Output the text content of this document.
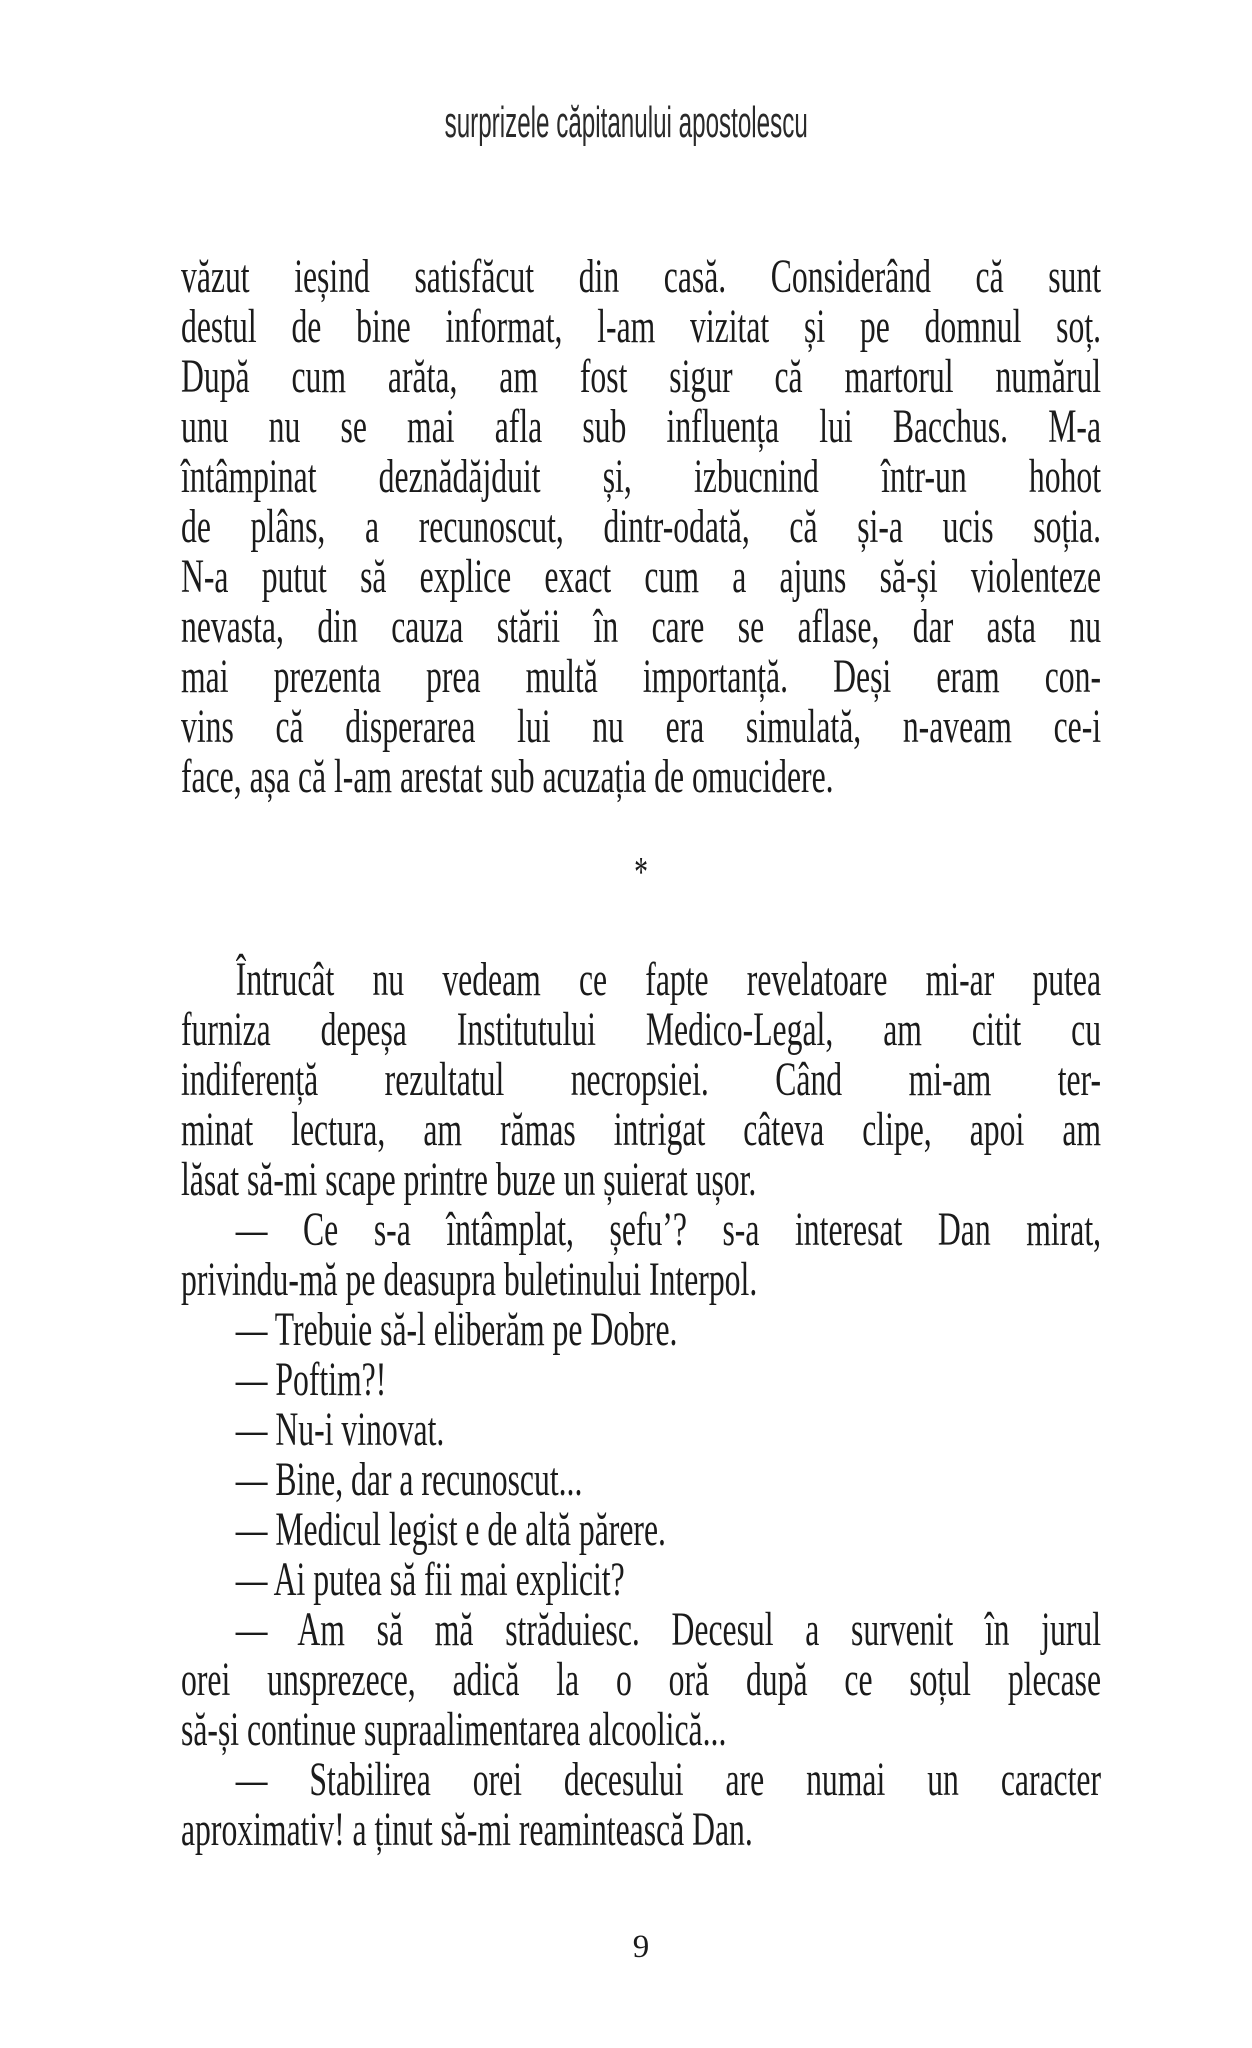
surprizele căpitanului apostolescu
văzut ieșind satisfăcut din casă. Considerând că sunt
destul de bine informat, l-am vizitat și pe domnul soț.
După cum arăta, am fost sigur că martorul numărul
unu nu se mai afla sub influența lui Bacchus. M-a
întâmpinat deznădăjduit și, izbucnind într-un hohot
de plâns, a recunoscut, dintr-odată, că și-a ucis soția.
N-a putut să explice exact cum a ajuns să-și violenteze
nevasta, din cauza stării în care se aflase, dar asta nu
mai prezenta prea multă importanță. Deși eram con-
vins că disperarea lui nu era simulată, n-aveam ce-i
face, așa că l-am arestat sub acuzația de omucidere.
*
Întrucât nu vedeam ce fapte revelatoare mi-ar putea
furniza depeșa Institutului Medico-Legal, am citit cu
indiferență rezultatul necropsiei. Când mi-am ter-
minat lectura, am rămas intrigat câteva clipe, apoi am
lăsat să-mi scape printre buze un șuierat ușor.
— Ce s-a întâmplat, șefu’? s-a interesat Dan mirat,
privindu-mă pe deasupra buletinului Interpol.
— Trebuie să-l eliberăm pe Dobre.
— Poftim?!
— Nu-i vinovat.
— Bine, dar a recunoscut...
— Medicul legist e de altă părere.
— Ai putea să fii mai explicit?
— Am să mă străduiesc. Decesul a survenit în jurul
orei unsprezece, adică la o oră după ce soțul plecase
să-și continue supraalimentarea alcoolică...
— Stabilirea orei decesului are numai un caracter
aproximativ! a ținut să-mi reamintească Dan.
9
